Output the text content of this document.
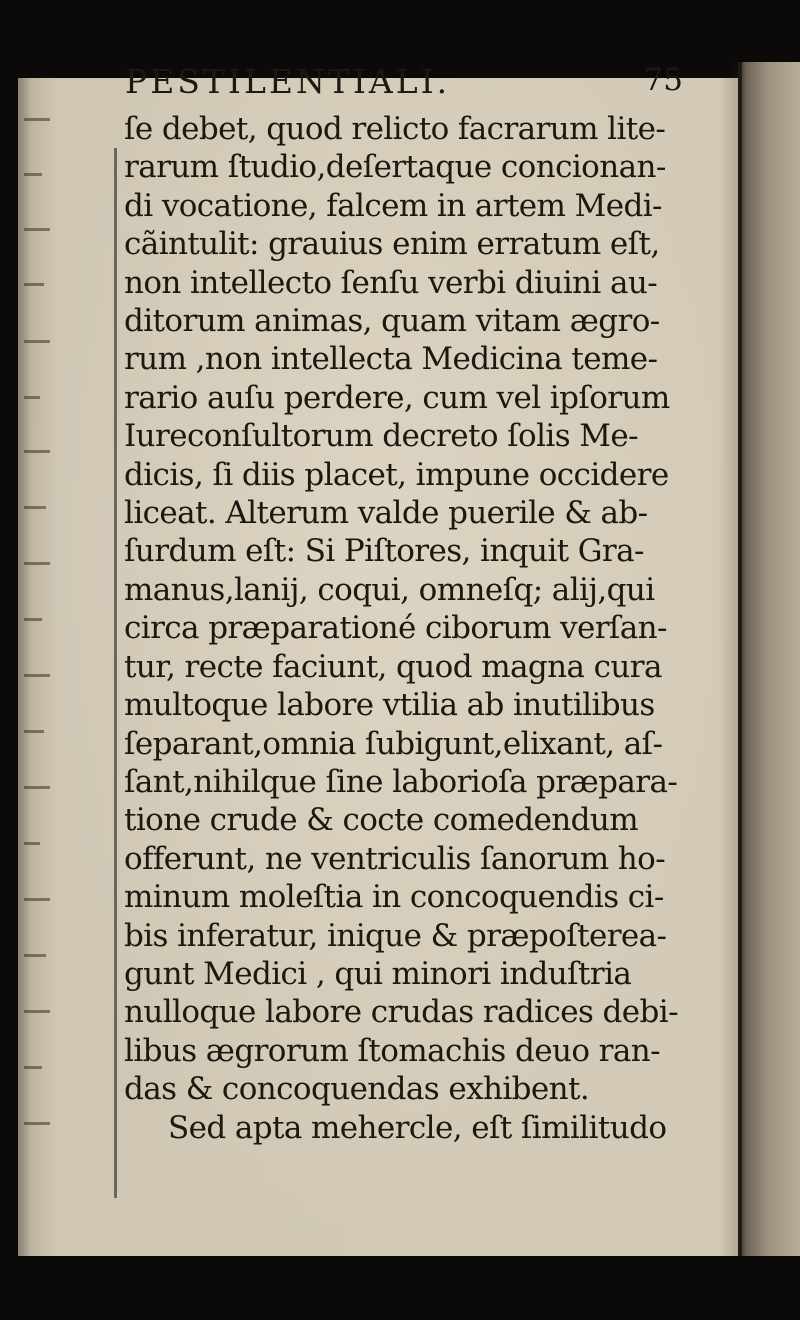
PESTILENTIALI.	75
ſe debet, quod relicto facrarum lite-
rarum ſtudio,deſertaque concionan-
di vocatione, falcem in artem Medi-
cãintulit: grauius enim erratum eſt,
non intellecto ſenſu verbi diuini au-
ditorum animas, quam vitam ægro-
rum ,non intellecta Medicina teme-
rario auſu perdere, cum vel ipſorum
Iureconſultorum decreto ſolis Me-
dicis, ſi diis placet, impune occidere
liceat. Alterum valde puerile & ab-
ſurdum eſt: Si Piſtores, inquit Gra-
manus,lanij, coqui, omneſq; alij,qui
circa præparationé ciborum verſan-
tur, recte faciunt, quod magna cura
multoque labore vtilia ab inutilibus
ſeparant,omnia ſubigunt,elixant, aſ-
ſant,nihilque ſine laborioſa præpara-
tione crude & cocte comedendum
offerunt, ne ventriculis ſanorum ho-
minum moleſtia in concoquendis ci-
bis inferatur, inique & præpoſterea-
gunt Medici , qui minori induſtria
nulloque labore crudas radices debi-
libus ægrorum ſtomachis deuo ran-
das & concoquendas exhibent.
Sed apta mehercle, eſt ſimilitudo
